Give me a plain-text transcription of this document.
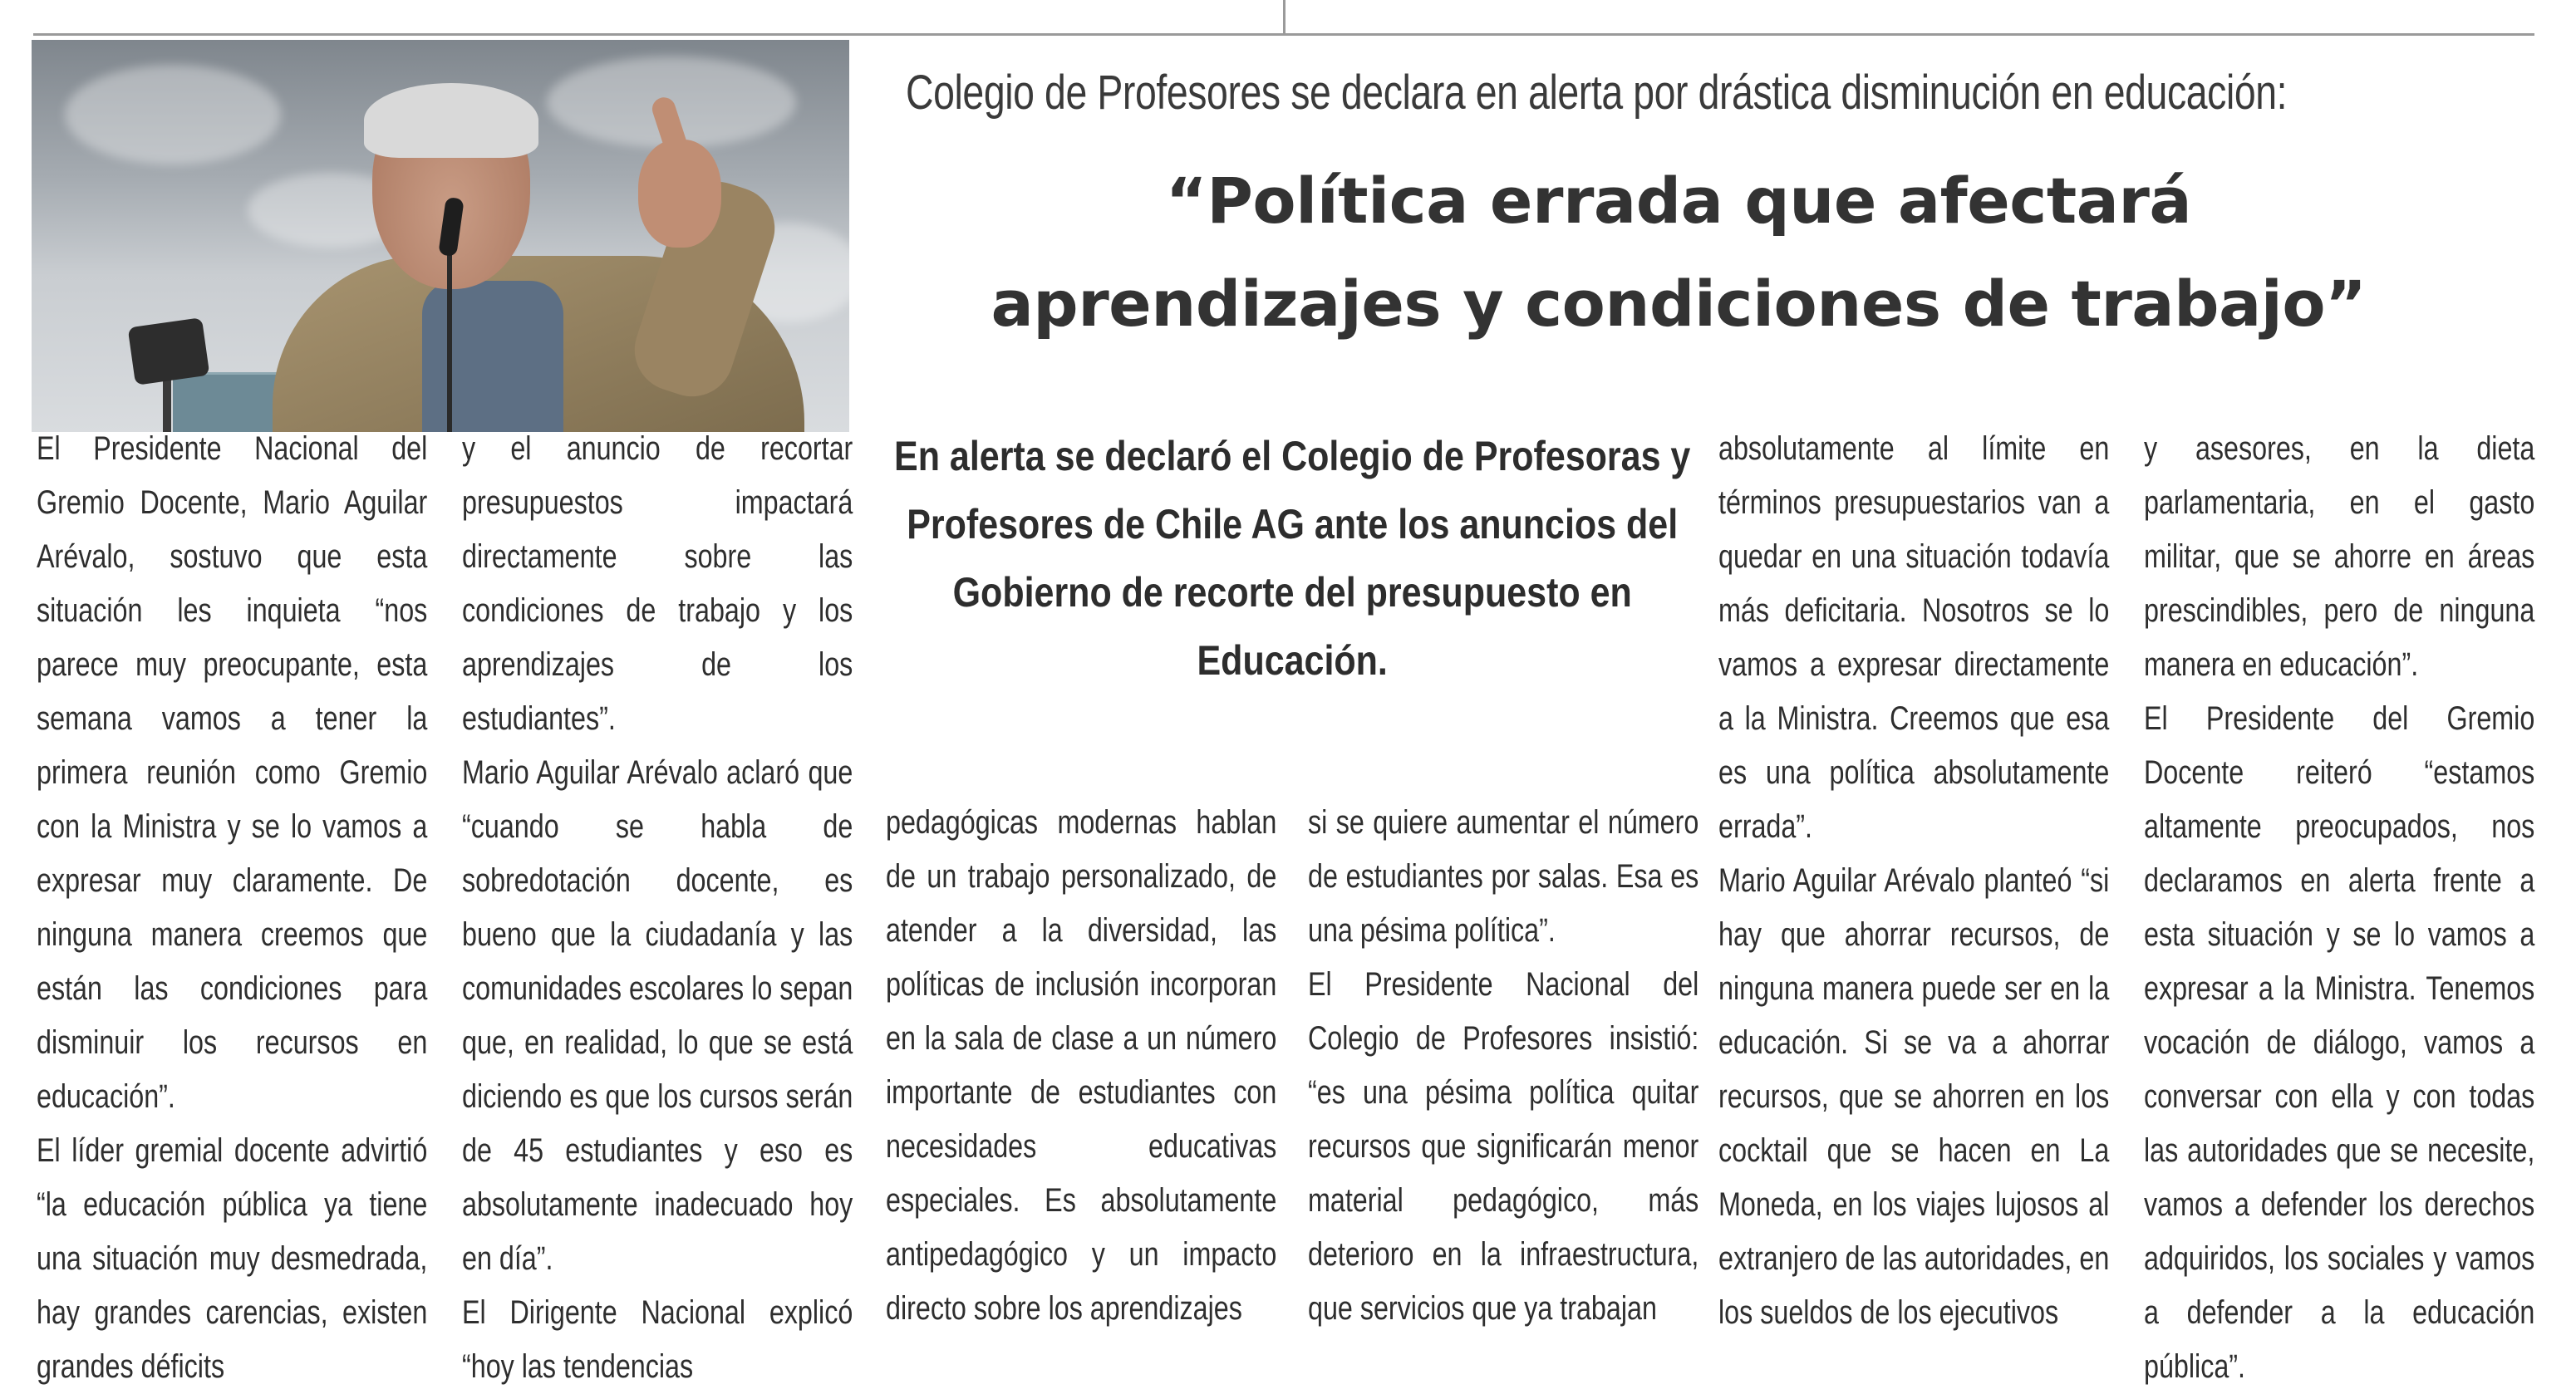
Colegio de Profesores se declara en alerta por drástica disminución en educación:
“Política errada que afectará
aprendizajes y condiciones de trabajo”
En alerta se declaró el Colegio de Profesoras y Profesores de Chile AG ante los anuncios del Gobierno de recorte del presupuesto en Educación.

El Presidente Nacional del Gremio Docente, Mario Aguilar Arévalo, sostuvo que esta situación les inquieta “nos parece muy preocupante, esta semana vamos a tener la primera reunión como Gremio con la Ministra y se lo vamos a expresar muy claramente. De ninguna manera creemos que están las condiciones para disminuir los recursos en educación”.

El líder gremial docente advirtió “la educación pública ya tiene una situación muy desmedrada, hay grandes carencias, existen grandes déficits

y el anuncio de recortar presupuestos impactará directamente sobre las condiciones de trabajo y los aprendizajes de los estudiantes”.

Mario Aguilar Arévalo aclaró que “cuando se habla de sobredotación docente, es bueno que la ciudadanía y las comunidades escolares lo sepan que, en realidad, lo que se está diciendo es que los cursos serán de 45 estudiantes y eso es absolutamente inadecuado hoy en día”.

El Dirigente Nacional explicó “hoy las tendencias

pedagógicas modernas hablan de un trabajo personalizado, de atender a la diversidad, las políticas de inclusión incorporan en la sala de clase a un número importante de estudiantes con necesidades educativas especiales. Es absolutamente antipedagógico y un impacto directo sobre los aprendizajes

si se quiere aumentar el número de estudiantes por salas. Esa es una pésima política”.

El Presidente Nacional del Colegio de Profesores insistió: “es una pésima política quitar recursos que significarán menor material pedagógico, más deterioro en la infraestructura, que servicios que ya trabajan

absolutamente al límite en términos presupuestarios van a quedar en una situación todavía más deficitaria. Nosotros se lo vamos a expresar directamente a la Ministra. Creemos que esa es una política absolutamente errada”.

Mario Aguilar Arévalo planteó “si hay que ahorrar recursos, de ninguna manera puede ser en la educación. Si se va a ahorrar recursos, que se ahorren en los cocktail que se hacen en La Moneda, en los viajes lujosos al extranjero de las autoridades, en los sueldos de los ejecutivos

y asesores, en la dieta parlamentaria, en el gasto militar, que se ahorre en áreas prescindibles, pero de ninguna manera en educación”.

El Presidente del Gremio Docente reiteró “estamos altamente preocupados, nos declaramos en alerta frente a esta situación y se lo vamos a expresar a la Ministra. Tenemos vocación de diálogo, vamos a conversar con ella y con todas las autoridades que se necesite, vamos a defender los derechos adquiridos, los sociales y vamos a defender a la educación pública”.
